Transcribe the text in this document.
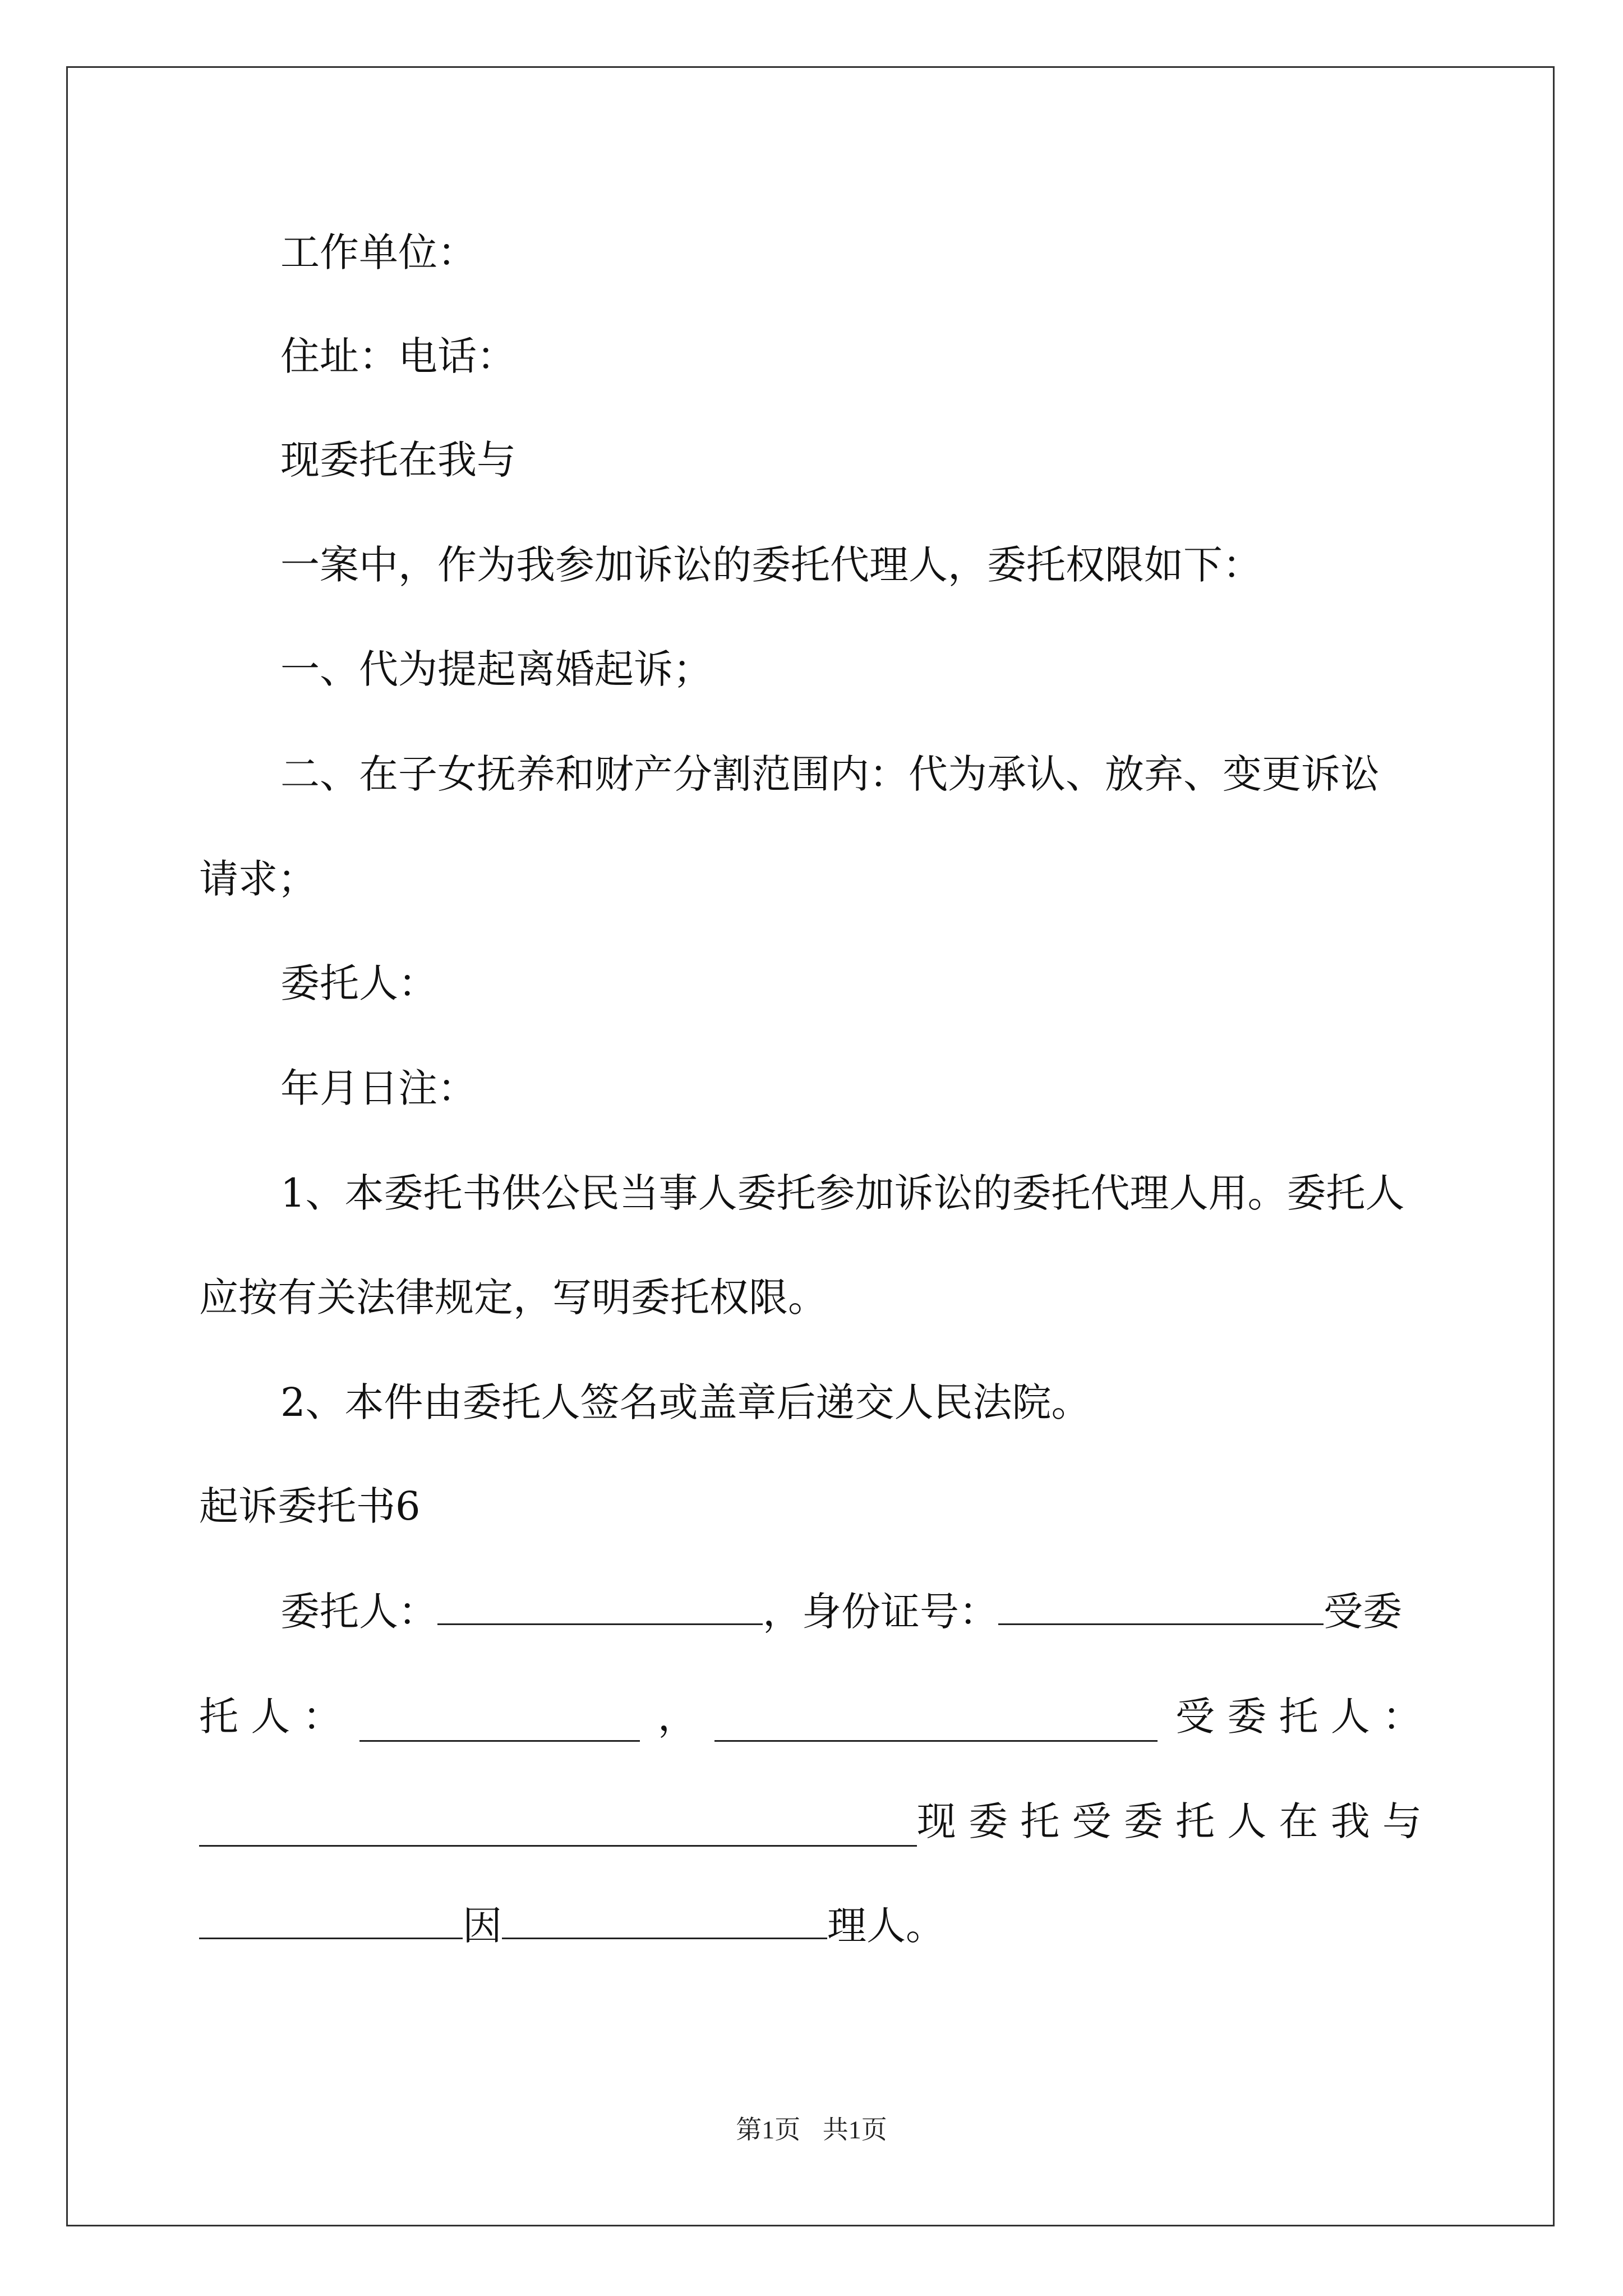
工作单位：
住址：电话：
现委托在我与
一案中，作为我参加诉讼的委托代理人，委托权限如下：
一、代为提起离婚起诉；
二、在子女抚养和财产分割范围内：代为承认、放弃、变更诉讼
请求；
委托人：
年月日注：
1、本委托书供公民当事人委托参加诉讼的委托代理人用。委托人
应按有关法律规定，写明委托权限。
2、本件由委托人签名或盖章后递交人民法院。
起诉委托书6
委托人：	，身份证号：	受委
托 人 ：	，	受 委 托 人 ：
现 委 托 受 委 托 人 在 我 与
因	理人。
第1页 共1页
